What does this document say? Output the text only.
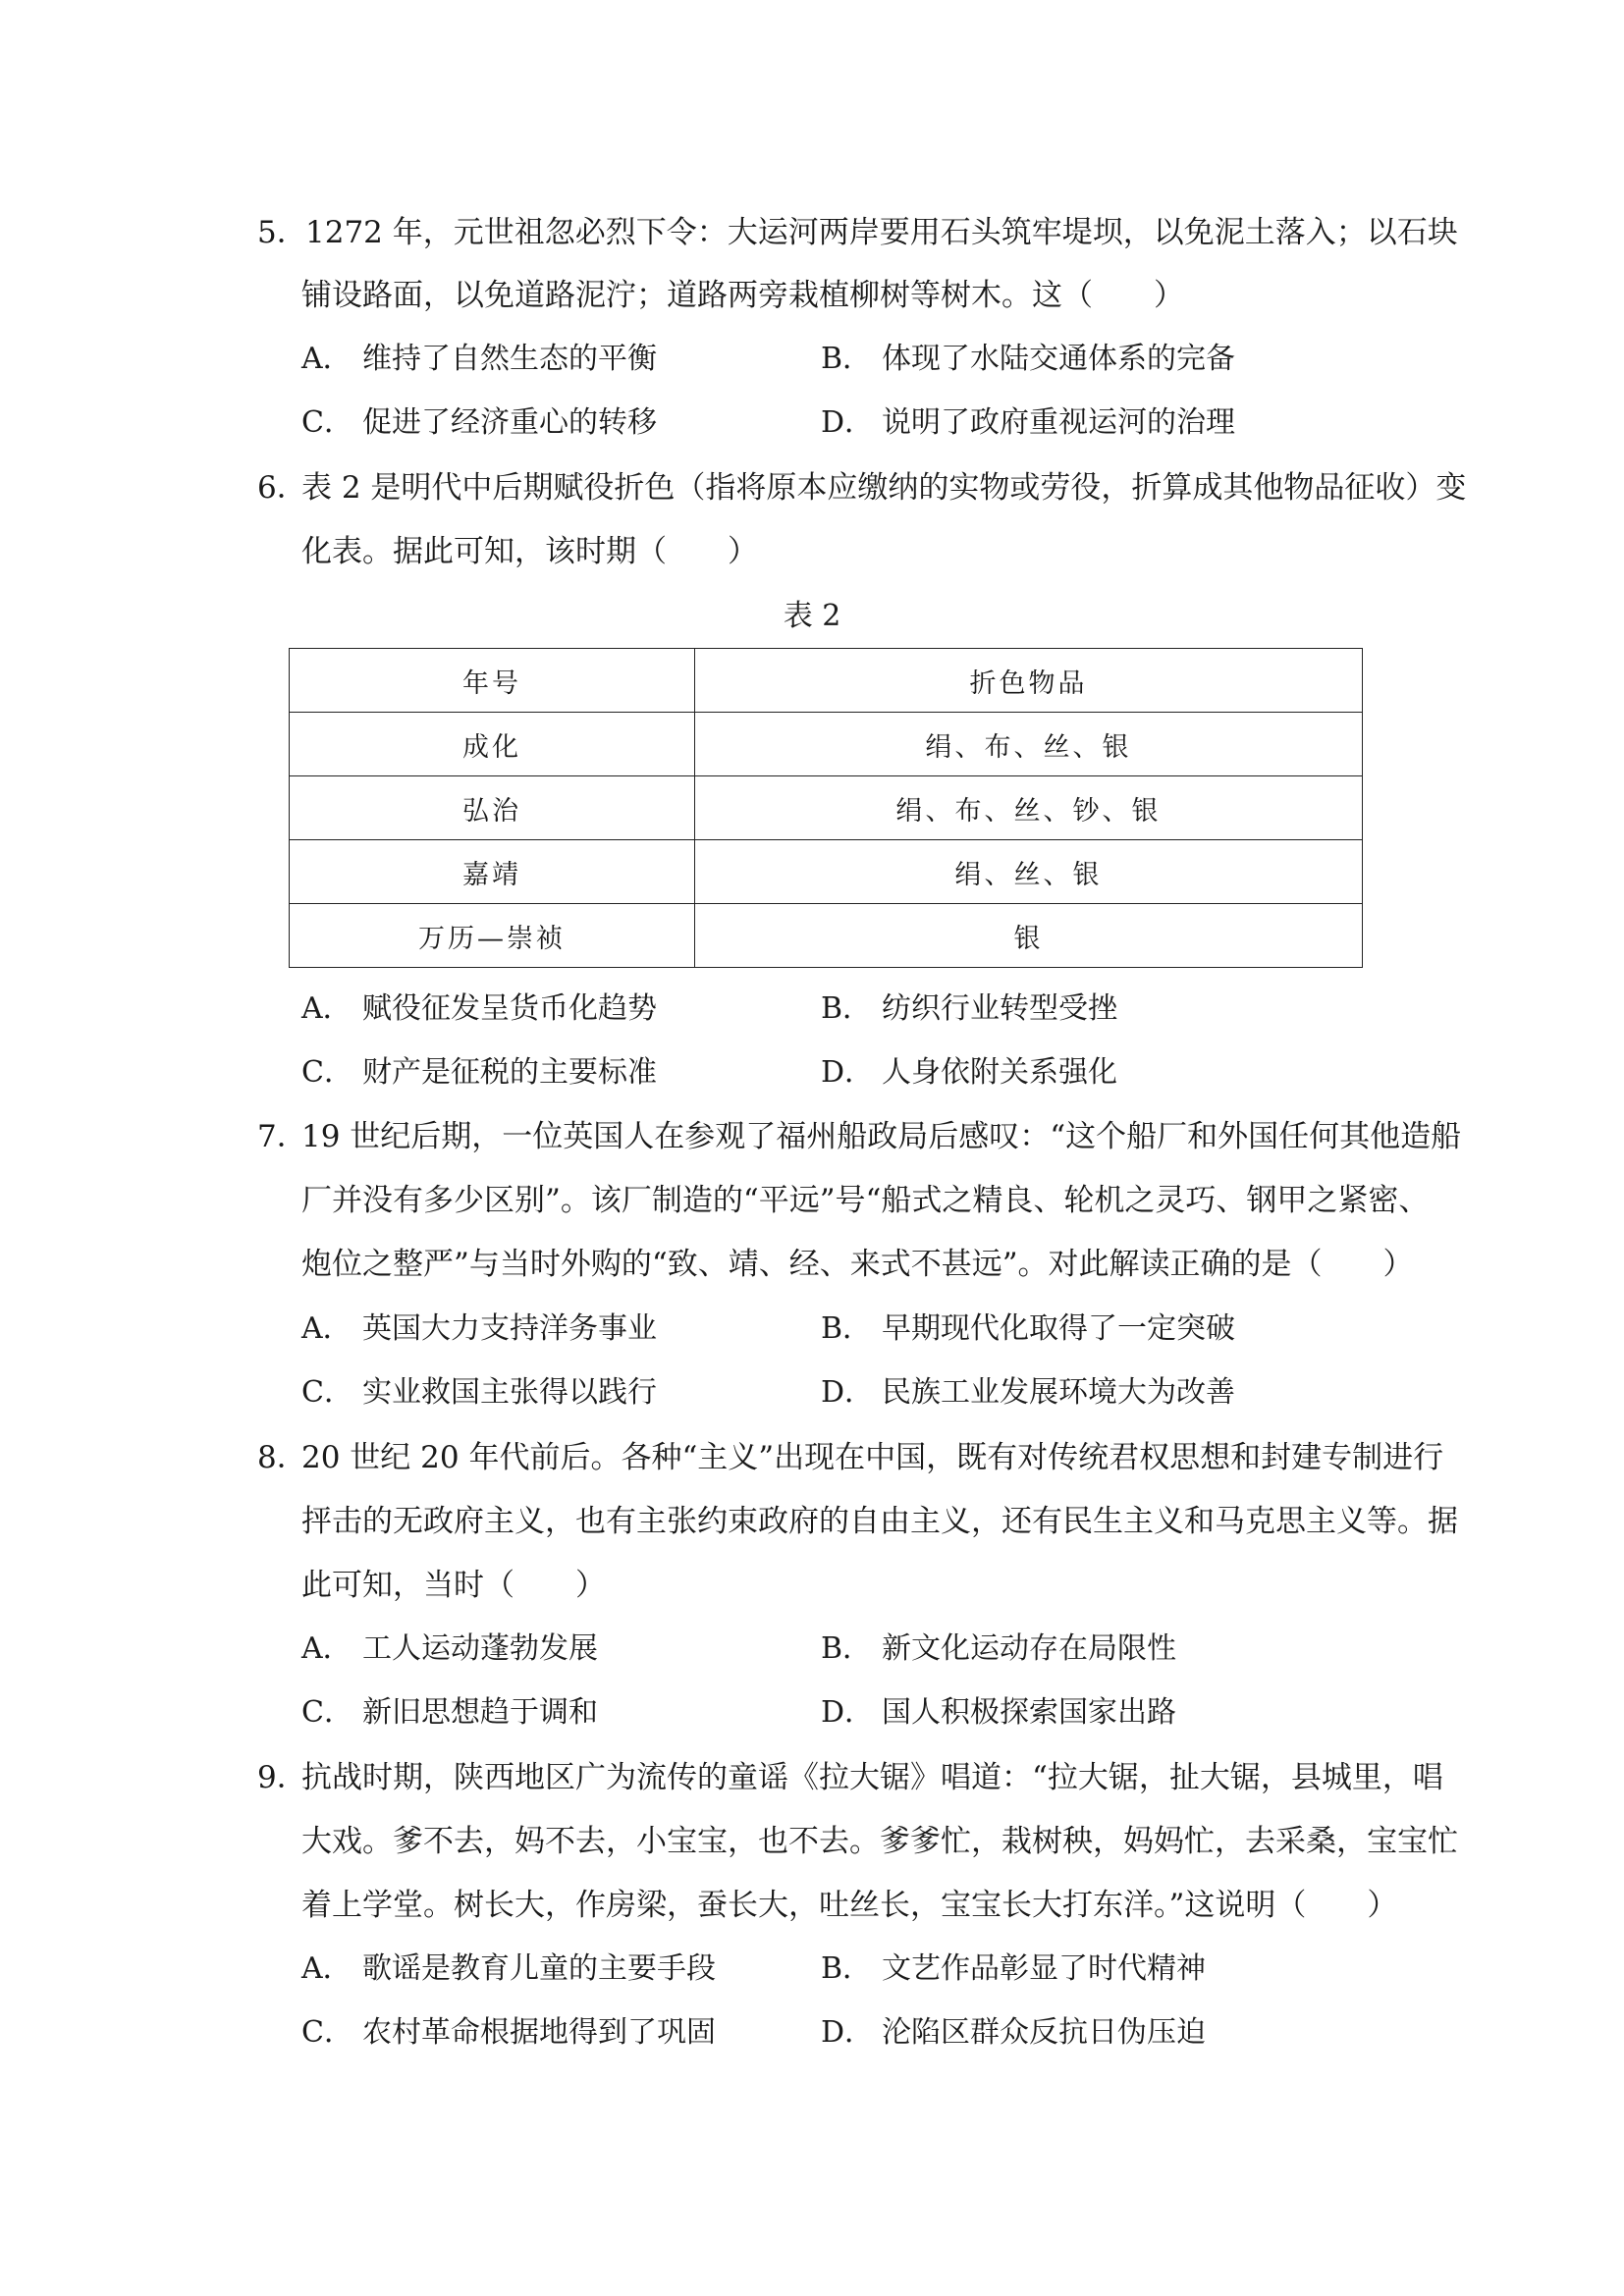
5．
1272 年，元世祖忽必烈下令：大运河两岸要用石头筑牢堤坝，以免泥土落入；以石块
铺设路面，以免道路泥泞；道路两旁栽植柳树等树木。这（　　）
A． 维持了自然生态的平衡	B． 体现了水陆交通体系的完备
C． 促进了经济重心的转移	D． 说明了政府重视运河的治理
6．
表 2 是明代中后期赋役折色（指将原本应缴纳的实物或劳役，折算成其他物品征收）变
化表。据此可知，该时期（　　）
表 2
年号	折色物品
成化	绢、布、丝、银
弘治	绢、布、丝、钞、银
嘉靖	绢、丝、银
万历—崇祯	银
A． 赋役征发呈货币化趋势	B． 纺织行业转型受挫
C． 财产是征税的主要标准	D． 人身依附关系强化
7．
19 世纪后期，一位英国人在参观了福州船政局后感叹：“这个船厂和外国任何其他造船
厂并没有多少区别”。该厂制造的“平远”号“船式之精良、轮机之灵巧、钢甲之紧密、
炮位之整严”与当时外购的“致、靖、经、来式不甚远”。对此解读正确的是（　　）
A． 英国大力支持洋务事业	B． 早期现代化取得了一定突破
C． 实业救国主张得以践行	D． 民族工业发展环境大为改善
8．
20 世纪 20 年代前后。各种“主义”出现在中国，既有对传统君权思想和封建专制进行
抨击的无政府主义，也有主张约束政府的自由主义，还有民生主义和马克思主义等。据
此可知，当时（　　）
A． 工人运动蓬勃发展	B． 新文化运动存在局限性
C． 新旧思想趋于调和	D． 国人积极探索国家出路
9．
抗战时期，陕西地区广为流传的童谣《拉大锯》唱道：“拉大锯，扯大锯，县城里，唱
大戏。爹不去，妈不去，小宝宝，也不去。爹爹忙，栽树秧，妈妈忙，去采桑，宝宝忙
着上学堂。树长大，作房梁，蚕长大，吐丝长，宝宝长大打东洋。”这说明（　　）
A． 歌谣是教育儿童的主要手段	B． 文艺作品彰显了时代精神
C． 农村革命根据地得到了巩固	D． 沦陷区群众反抗日伪压迫
